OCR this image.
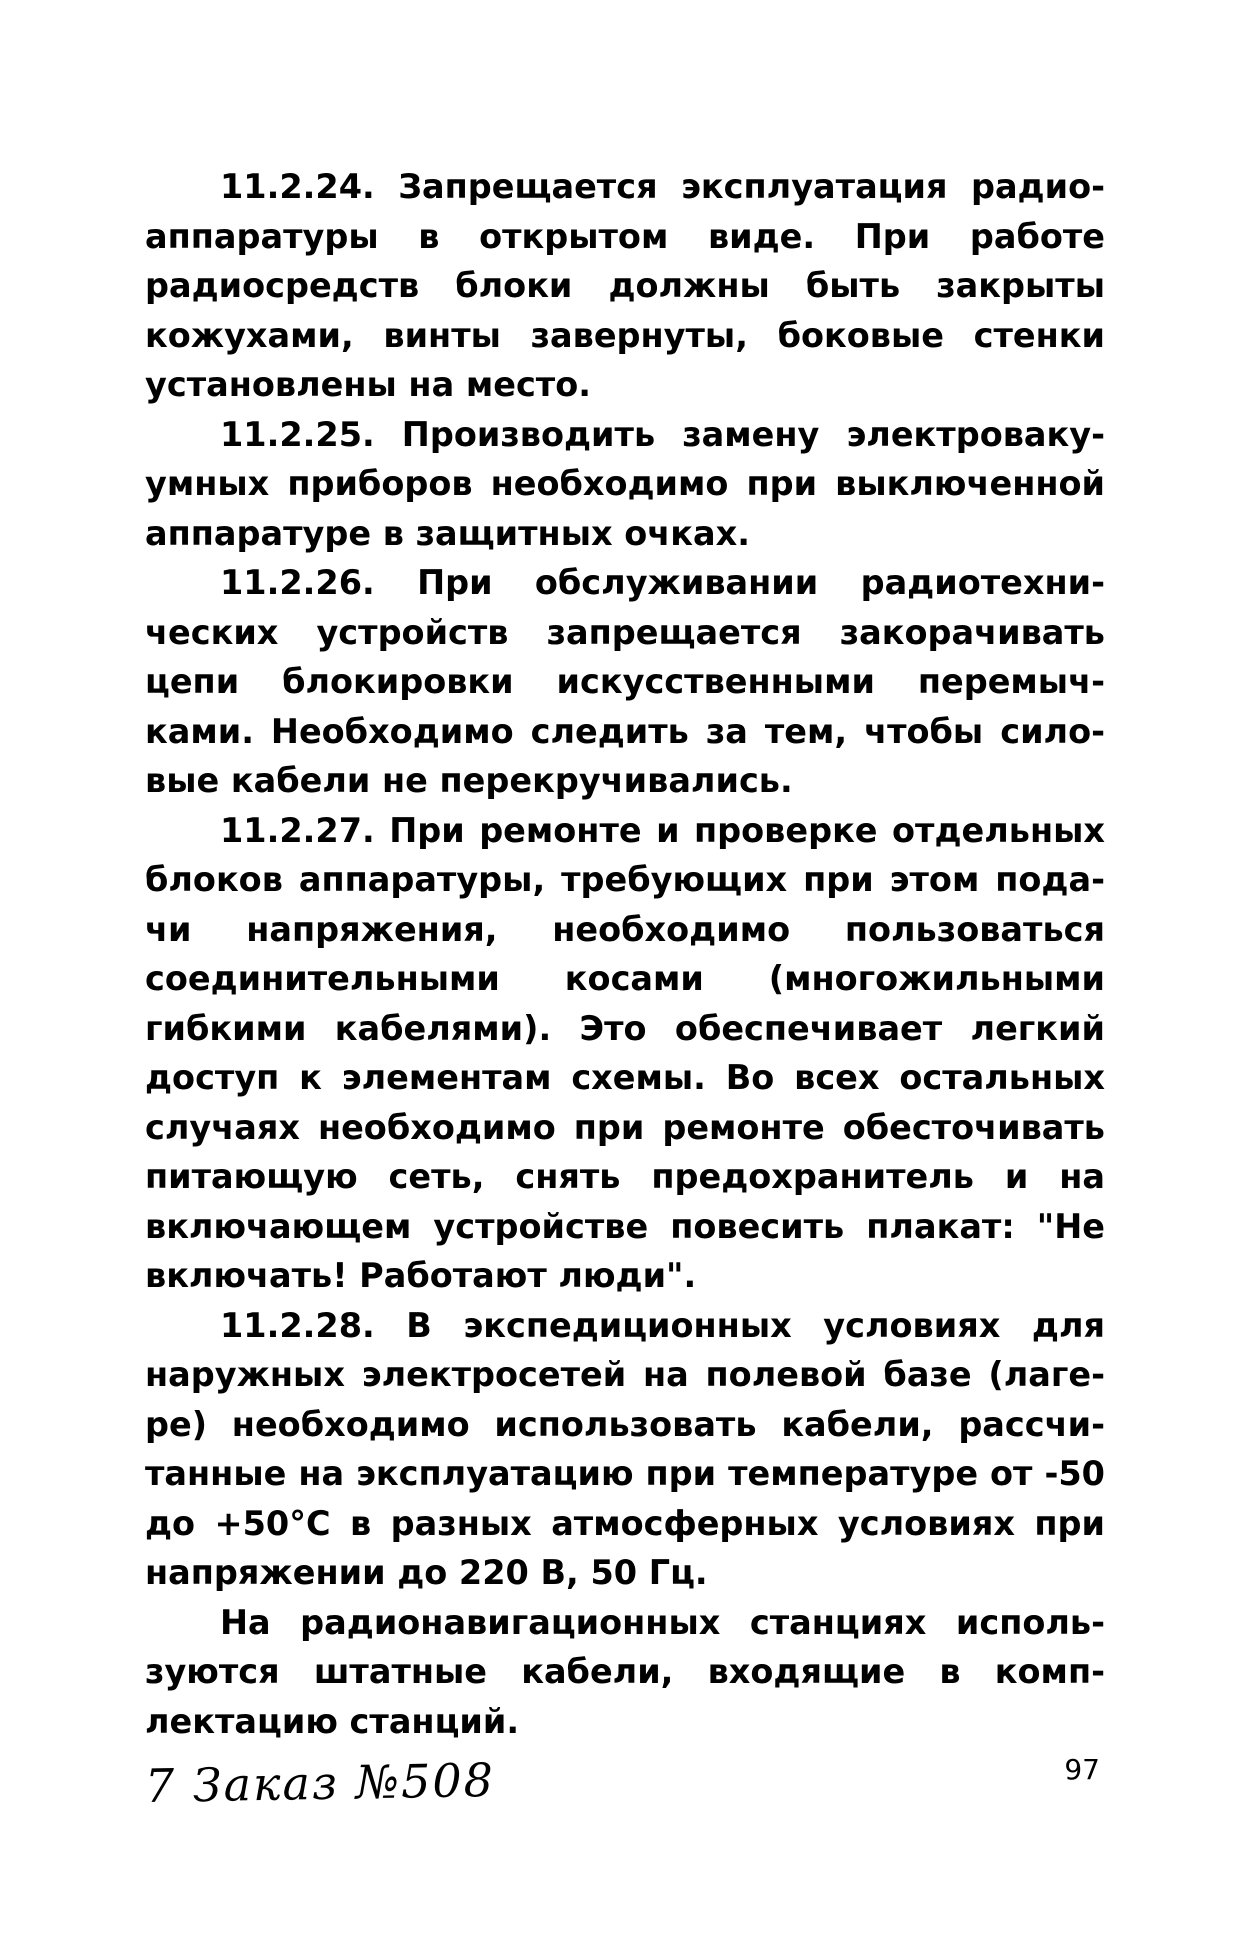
11.2.24. Запрещается эксплуатация радиоаппаратуры в открытом виде. При работе радиосредств блоки должны быть закрыты кожухами, винты завернуты, боковые стенки установлены на место.

11.2.25. Производить замену электровакуумных приборов необходимо при выключенной аппаратуре в защитных очках.

11.2.26. При обслуживании радиотехнических устройств запрещается закорачивать цепи блокировки искусственными перемычками. Необходимо следить за тем, чтобы силовые кабели не перекручивались.

11.2.27. При ремонте и проверке отдельных блоков аппаратуры, требующих при этом подачи напряжения, необходимо пользоваться соединительными косами (многожильными гибкими кабелями). Это обеспечивает легкий доступ к элементам схемы. Во всех остальных случаях необходимо при ремонте обесточивать питающую сеть, снять предохранитель и на включающем устройстве повесить плакат: "Не включать! Работают люди".

11.2.28. В экспедиционных условиях для наружных электросетей на полевой базе (лагере) необходимо использовать кабели, рассчитанные на эксплуатацию при температуре от -50 до +50°С в разных атмосферных условиях при напряжении до 220 В, 50 Гц.

На радионавигационных станциях используются штатные кабели, входящие в комплектацию станций.

7 Заказ №508	97
